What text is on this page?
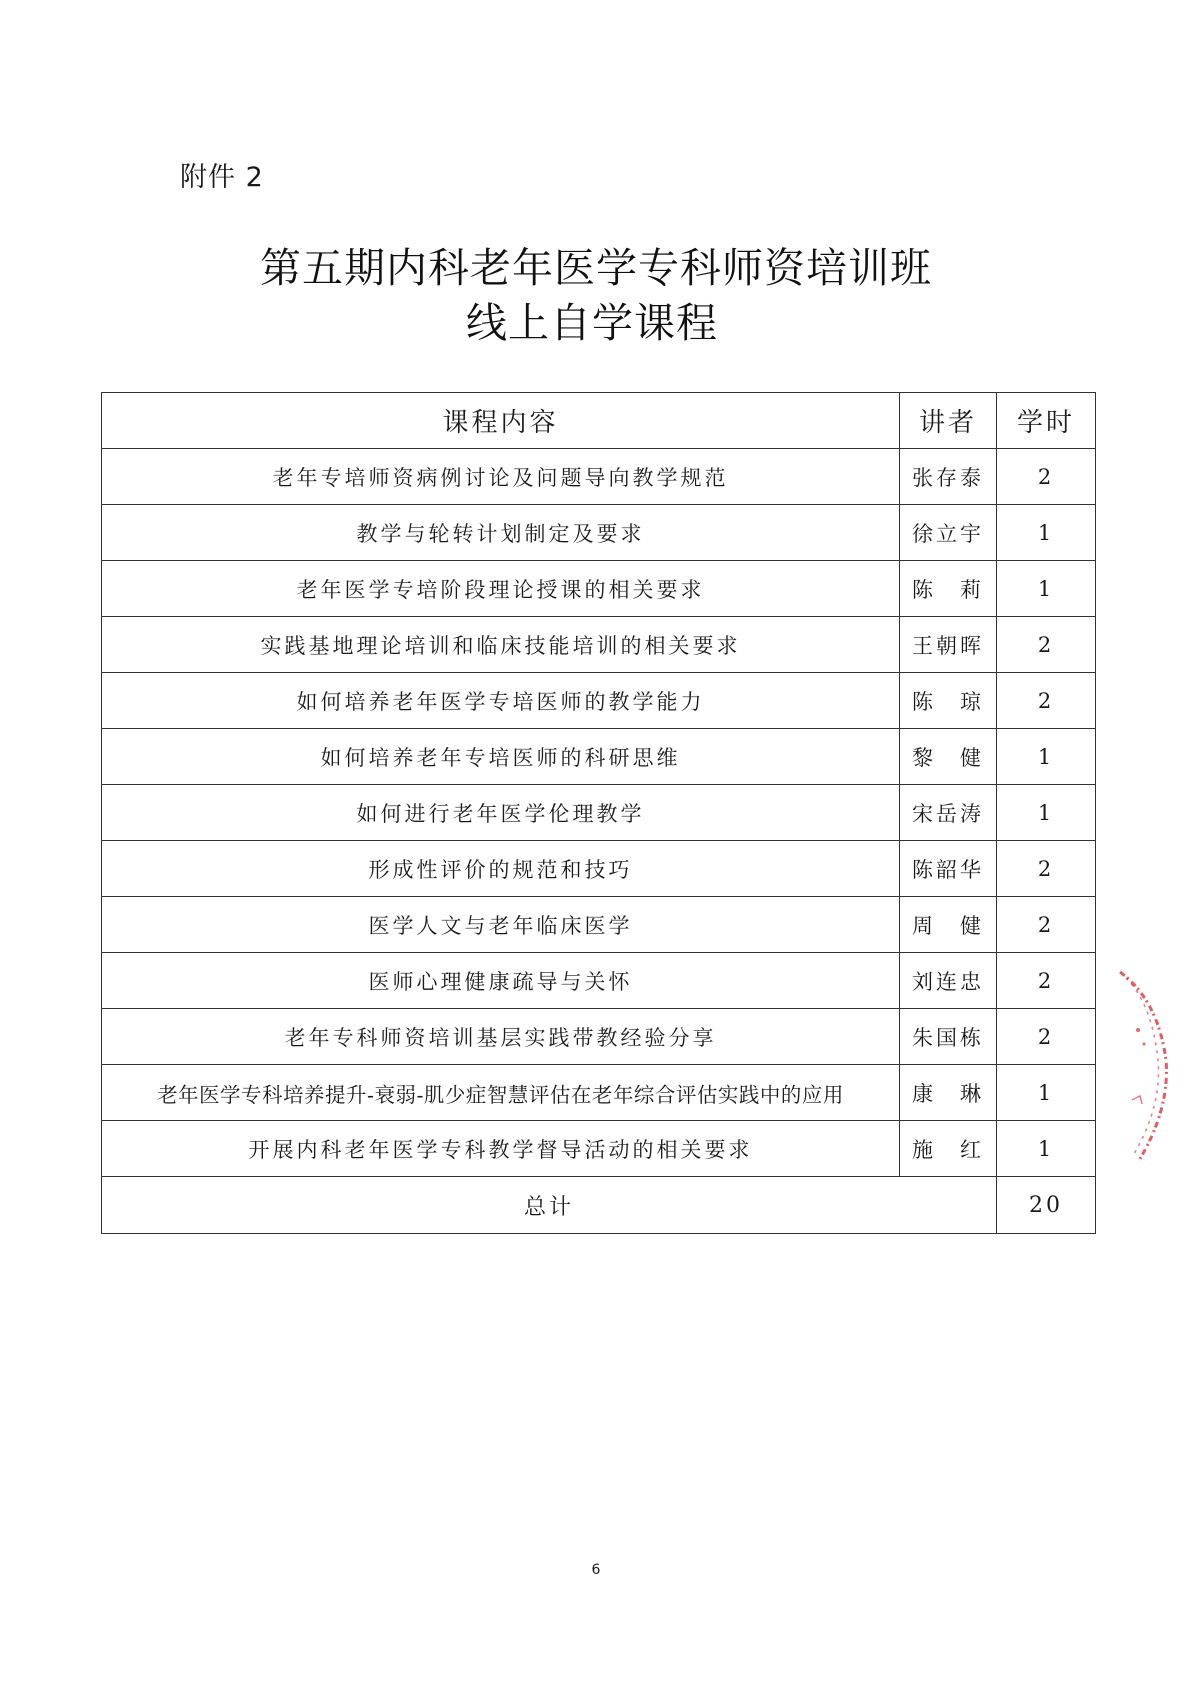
附件 2
第五期内科老年医学专科师资培训班
线上自学课程
课程内容	讲者	学时
老年专培师资病例讨论及问题导向教学规范	张存泰	2
教学与轮转计划制定及要求	徐立宇	1
老年医学专培阶段理论授课的相关要求	陈　莉	1
实践基地理论培训和临床技能培训的相关要求	王朝晖	2
如何培养老年医学专培医师的教学能力	陈　琼	2
如何培养老年专培医师的科研思维	黎　健	1
如何进行老年医学伦理教学	宋岳涛	1
形成性评价的规范和技巧	陈韶华	2
医学人文与老年临床医学	周　健	2
医师心理健康疏导与关怀	刘连忠	2
老年专科师资培训基层实践带教经验分享	朱国栋	2
老年医学专科培养提升-衰弱-肌少症智慧评估在老年综合评估实践中的应用	康　琳	1
开展内科老年医学专科教学督导活动的相关要求	施　红	1
总计		20
6
